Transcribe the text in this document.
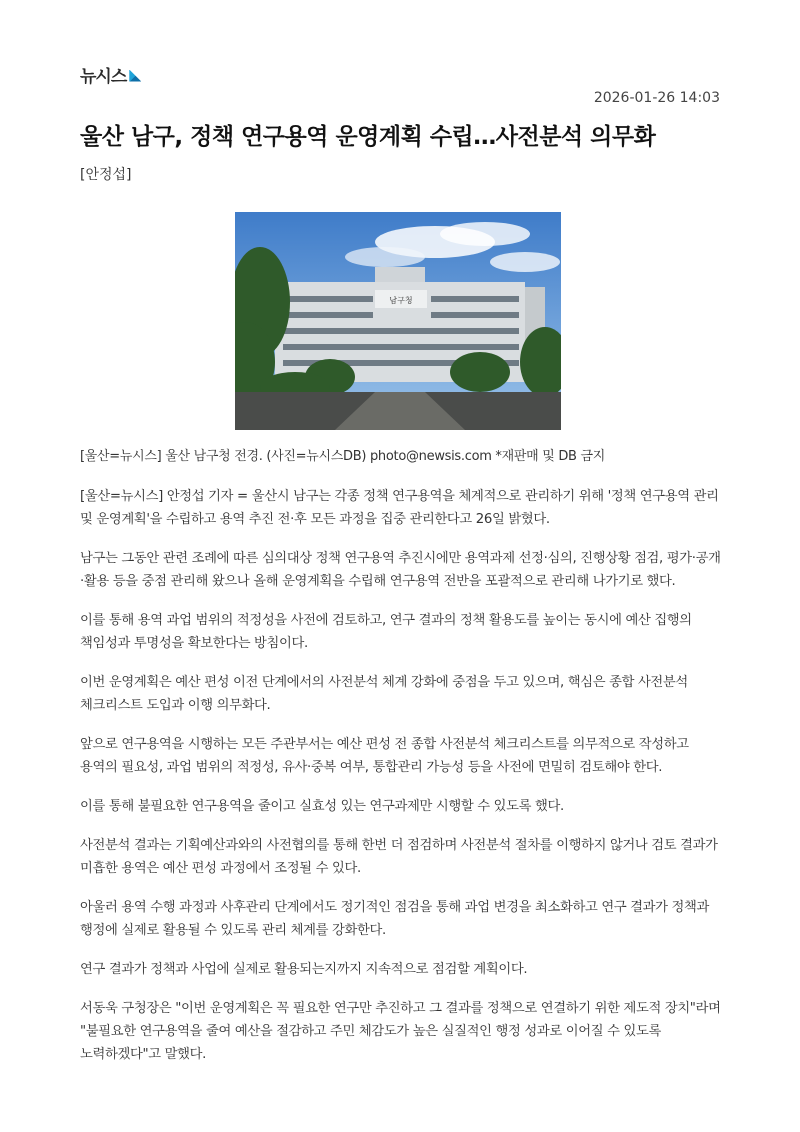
뉴시스
2026-01-26 14:03
울산 남구, 정책 연구용역 운영계획 수립…사전분석 의무화
[안정섭]
남구청
[울산=뉴시스] 울산 남구청 전경. (사진=뉴시스DB) photo@newsis.com *재판매 및 DB 금지

[울산=뉴시스] 안정섭 기자 = 울산시 남구는 각종 정책 연구용역을 체계적으로 관리하기 위해 '정책 연구용역 관리 및 운영계획'을 수립하고 용역 추진 전·후 모든 과정을 집중 관리한다고 26일 밝혔다.

남구는 그동안 관련 조례에 따른 심의대상 정책 연구용역 추진시에만 용역과제 선정·심의, 진행상황 점검, 평가·공개·활용 등을 중점 관리해 왔으나 올해 운영계획을 수립해 연구용역 전반을 포괄적으로 관리해 나가기로 했다.

이를 통해 용역 과업 범위의 적정성을 사전에 검토하고, 연구 결과의 정책 활용도를 높이는 동시에 예산 집행의 책임성과 투명성을 확보한다는 방침이다.

이번 운영계획은 예산 편성 이전 단계에서의 사전분석 체계 강화에 중점을 두고 있으며, 핵심은 종합 사전분석 체크리스트 도입과 이행 의무화다.

앞으로 연구용역을 시행하는 모든 주관부서는 예산 편성 전 종합 사전분석 체크리스트를 의무적으로 작성하고 용역의 필요성, 과업 범위의 적정성, 유사·중복 여부, 통합관리 가능성 등을 사전에 면밀히 검토해야 한다.

이를 통해 불필요한 연구용역을 줄이고 실효성 있는 연구과제만 시행할 수 있도록 했다.

사전분석 결과는 기획예산과와의 사전협의를 통해 한번 더 점검하며 사전분석 절차를 이행하지 않거나 검토 결과가 미흡한 용역은 예산 편성 과정에서 조정될 수 있다.

아울러 용역 수행 과정과 사후관리 단계에서도 정기적인 점검을 통해 과업 변경을 최소화하고 연구 결과가 정책과 행정에 실제로 활용될 수 있도록 관리 체계를 강화한다.

연구 결과가 정책과 사업에 실제로 활용되는지까지 지속적으로 점검할 계획이다.

서동욱 구청장은 "이번 운영계획은 꼭 필요한 연구만 추진하고 그 결과를 정책으로 연결하기 위한 제도적 장치"라며 "불필요한 연구용역을 줄여 예산을 절감하고 주민 체감도가 높은 실질적인 행정 성과로 이어질 수 있도록 노력하겠다"고 말했다.
